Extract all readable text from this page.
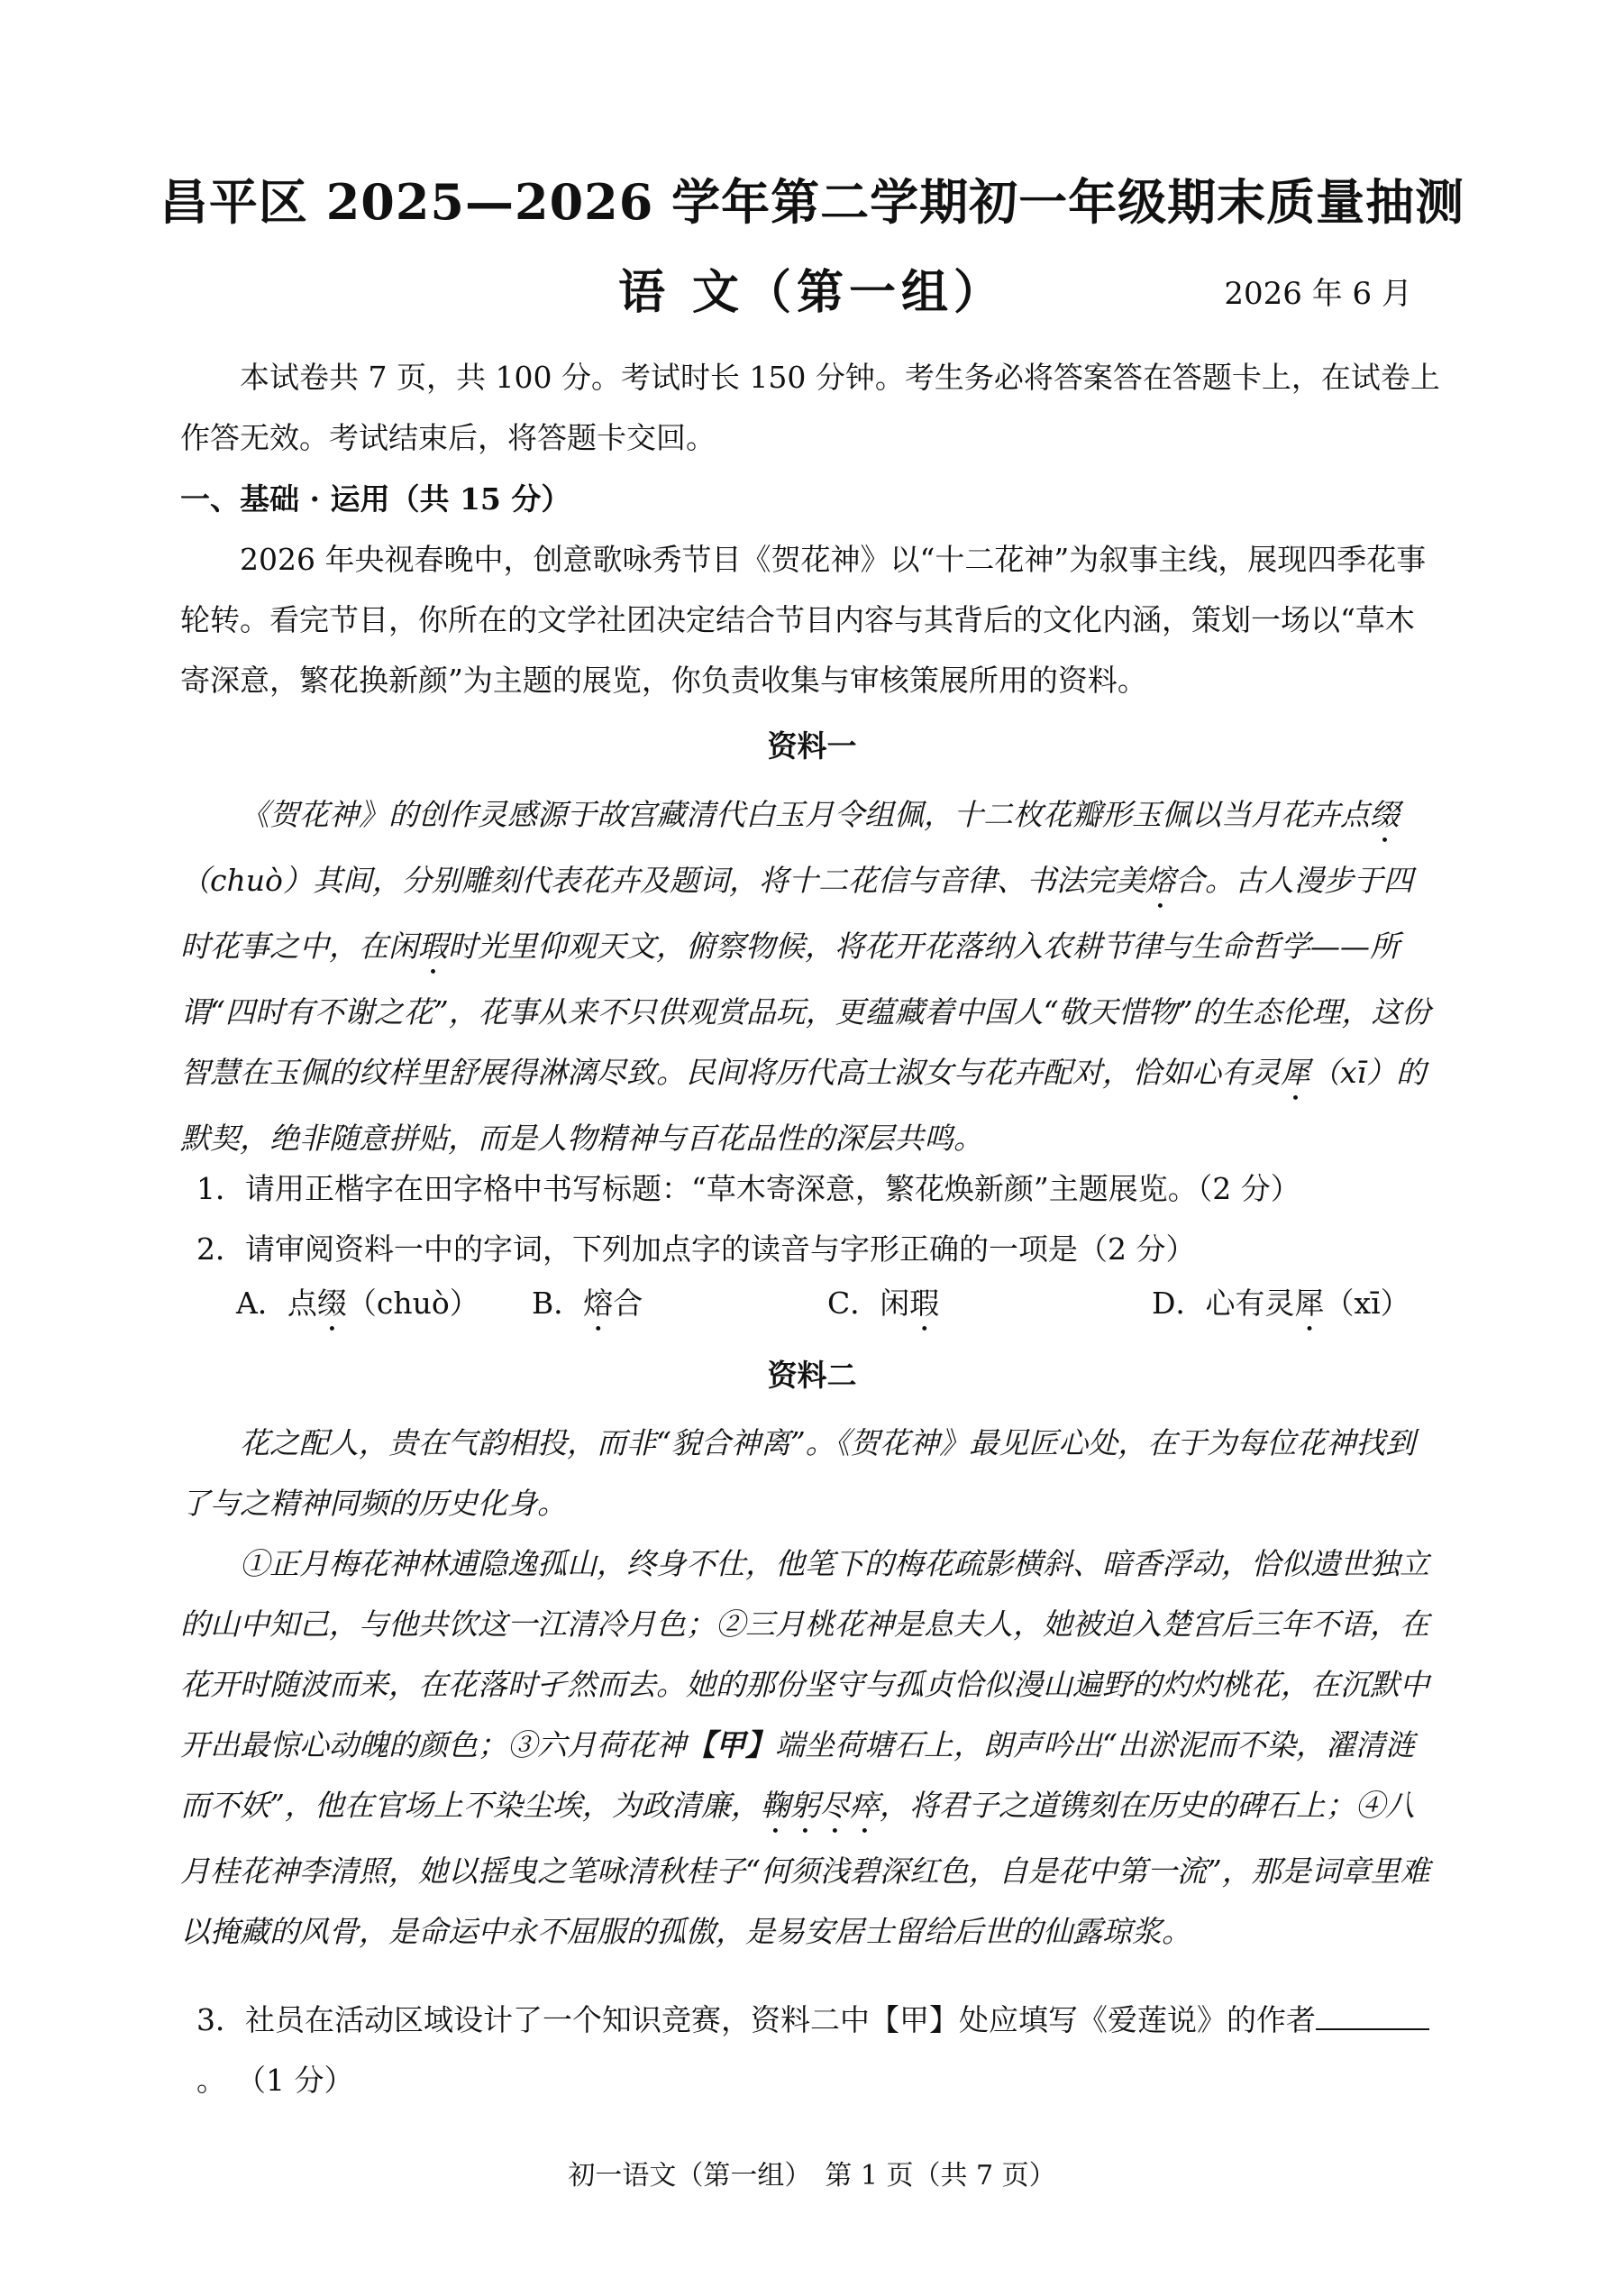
昌平区 2025—2026 学年第二学期初一年级期末质量抽测
语 文（第一组）	2026 年 6 月

本试卷共 7 页，共 100 分。考试时长 150 分钟。考生务必将答案答在答题卡上，在试卷上作答无效。考试结束后，将答题卡交回。

一、基础 · 运用（共 15 分）
2026 年央视春晚中，创意歌咏秀节目《贺花神》以“十二花神”为叙事主线，展现四季花事轮转。看完节目，你所在的文学社团决定结合节目内容与其背后的文化内涵，策划一场以“草木寄深意，繁花换新颜”为主题的展览，你负责收集与审核策展所用的资料。
资料一

《贺花神》的创作灵感源于故宫藏清代白玉月令组佩，十二枚花瓣形玉佩以当月花卉点缀（chuò）其间，分别雕刻代表花卉及题词，将十二花信与音律、书法完美熔合。古人漫步于四时花事之中，在闲瑕时光里仰观天文，俯察物候，将花开花落纳入农耕节律与生命哲学——所谓“四时有不谢之花”，花事从来不只供观赏品玩，更蕴藏着中国人“敬天惜物”的生态伦理，这份智慧在玉佩的纹样里舒展得淋漓尽致。民间将历代高士淑女与花卉配对，恰如心有灵犀（xī）的默契，绝非随意拼贴，而是人物精神与百花品性的深层共鸣。

1．请用正楷字在田字格中书写标题：“草木寄深意，繁花焕新颜”主题展览。（2 分）
2．请审阅资料一中的字词，下列加点字的读音与字形正确的一项是（2 分）
A．点缀（chuò）	B．熔合	C．闲瑕	D．心有灵犀（xī）
资料二
花之配人，贵在气韵相投，而非“貌合神离”。《贺花神》最见匠心处，在于为每位花神找到了与之精神同频的历史化身。

①正月梅花神林逋隐逸孤山，终身不仕，他笔下的梅花疏影横斜、暗香浮动，恰似遗世独立的山中知己，与他共饮这一江清冷月色；②三月桃花神是息夫人，她被迫入楚宫后三年不语，在花开时随波而来，在花落时孑然而去。她的那份坚守与孤贞恰似漫山遍野的灼灼桃花，在沉默中开出最惊心动魄的颜色；③六月荷花神【甲】端坐荷塘石上，朗声吟出“出淤泥而不染，濯清涟而不妖”，他在官场上不染尘埃，为政清廉，鞠躬尽瘁，将君子之道镌刻在历史的碑石上；④八月桂花神李清照，她以摇曳之笔咏清秋桂子“何须浅碧深红色，自是花中第一流”，那是词章里难以掩藏的风骨，是命运中永不屈服的孤傲，是易安居士留给后世的仙露琼浆。

3．社员在活动区域设计了一个知识竞赛，资料二中【甲】处应填写《爱莲说》的作者。 （1 分）
初一语文（第一组）　第 1 页（共 7 页）
